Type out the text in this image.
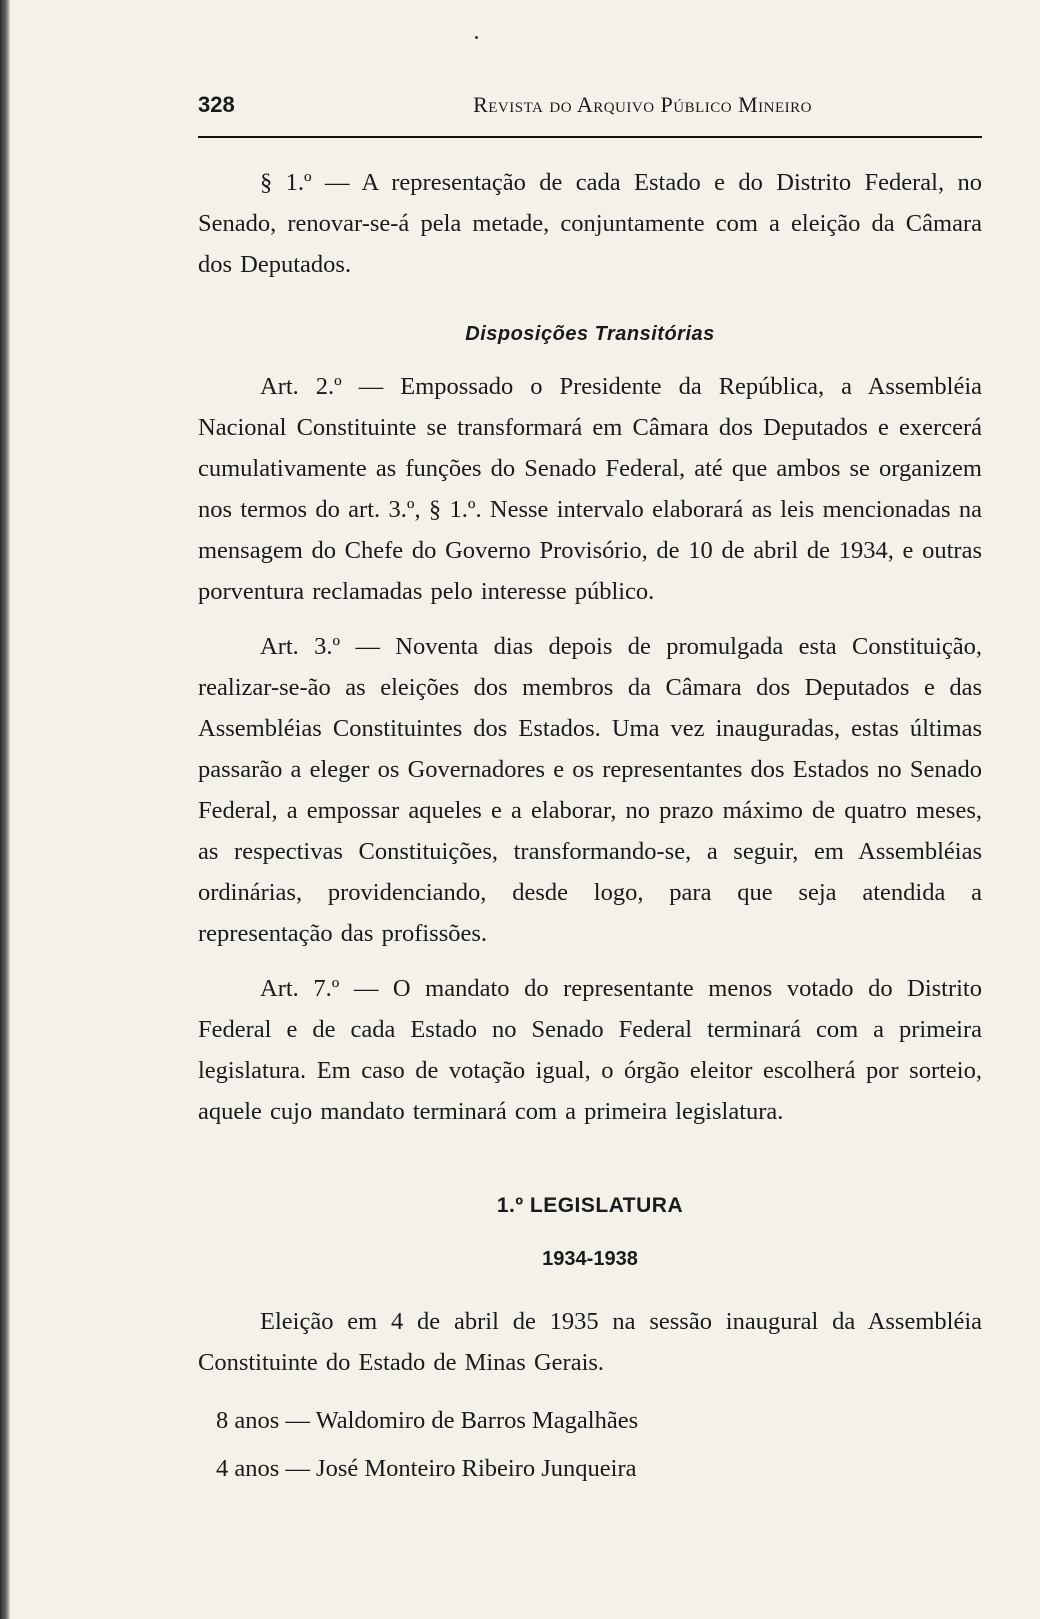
328	Revista do Arquivo Público Mineiro

§ 1.º — A representação de cada Estado e do Distrito Federal, no Senado, renovar-se-á pela metade, conjuntamente com a eleição da Câmara dos Deputados.

Disposições Transitórias

Art. 2.º — Empossado o Presidente da República, a Assembléia Nacional Constituinte se transformará em Câmara dos Deputados e exercerá cumulativamente as funções do Senado Federal, até que ambos se organizem nos termos do art. 3.º, § 1.º. Nesse intervalo elaborará as leis mencionadas na mensagem do Chefe do Governo Provisório, de 10 de abril de 1934, e outras porventura reclamadas pelo interesse público.

Art. 3.º — Noventa dias depois de promulgada esta Constituição, realizar-se-ão as eleições dos membros da Câmara dos Deputados e das Assembléias Constituintes dos Estados. Uma vez inauguradas, estas últimas passarão a eleger os Governadores e os representantes dos Estados no Senado Federal, a empossar aqueles e a elaborar, no prazo máximo de quatro meses, as respectivas Constituições, transformando-se, a seguir, em Assembléias ordinárias, providenciando, desde logo, para que seja atendida a representação das profissões.

Art. 7.º — O mandato do representante menos votado do Distrito Federal e de cada Estado no Senado Federal terminará com a primeira legislatura. Em caso de votação igual, o órgão eleitor escolherá por sorteio, aquele cujo mandato terminará com a primeira legislatura.

1.º LEGISLATURA
1934-1938

Eleição em 4 de abril de 1935 na sessão inaugural da Assembléia Constituinte do Estado de Minas Gerais.

8 anos — Waldomiro de Barros Magalhães
4 anos — José Monteiro Ribeiro Junqueira
